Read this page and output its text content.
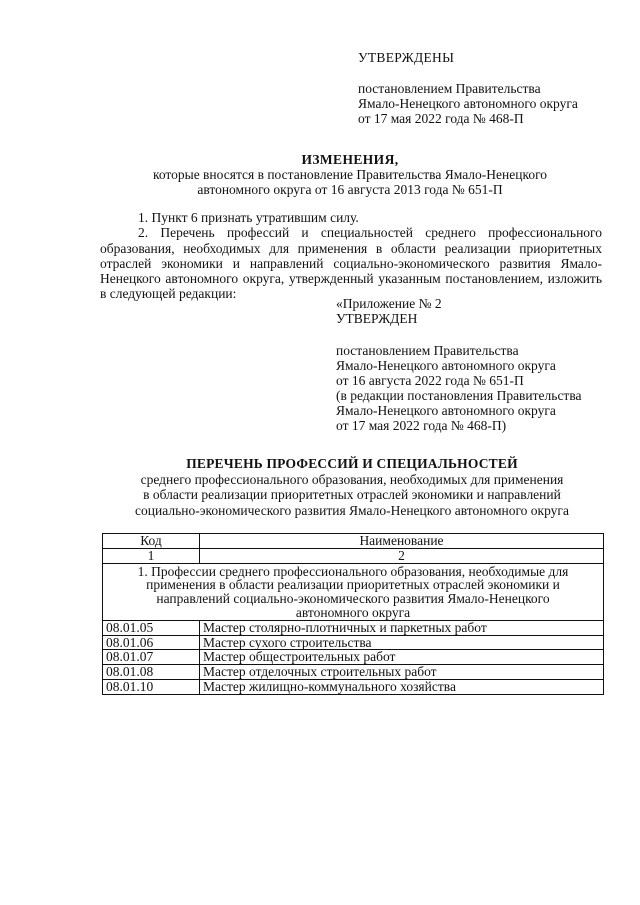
УТВЕРЖДЕНЫ
постановлением Правительства
Ямало-Ненецкого автономного округа
от 17 мая 2022 года № 468-П
ИЗМЕНЕНИЯ,
которые вносятся в постановление Правительства Ямало-Ненецкого
автономного округа от 16 августа 2013 года № 651-П

1. Пункт 6 признать утратившим силу.

2. Перечень профессий и специальностей среднего профессионального образования, необходимых для применения в области реализации приоритетных отраслей экономики и направлений социально-экономического развития Ямало-Ненецкого автономного округа, утвержденный указанным постановлением, изложить в следующей редакции:

«Приложение № 2
УТВЕРЖДЕН
постановлением Правительства
Ямало-Ненецкого автономного округа
от 16 августа 2022 года № 651-П
(в редакции постановления Правительства
Ямало-Ненецкого автономного округа
от 17 мая 2022 года № 468-П)
ПЕРЕЧЕНЬ ПРОФЕССИЙ И СПЕЦИАЛЬНОСТЕЙ
среднего профессионального образования, необходимых для применения
в области реализации приоритетных отраслей экономики и направлений
социально-экономического развития Ямало-Ненецкого автономного округа
Код	Наименование
1	2

1. Профессии среднего профессионального образования, необходимые для
применения в области реализации приоритетных отраслей экономики и
направлений социально-экономического развития Ямало-Ненецкого
автономного округа	

08.01.05	Мастер столярно-плотничных и паркетных работ
08.01.06	Мастер сухого строительства
08.01.07	Мастер общестроительных работ
08.01.08	Мастер отделочных строительных работ
08.01.10	Мастер жилищно-коммунального хозяйства
